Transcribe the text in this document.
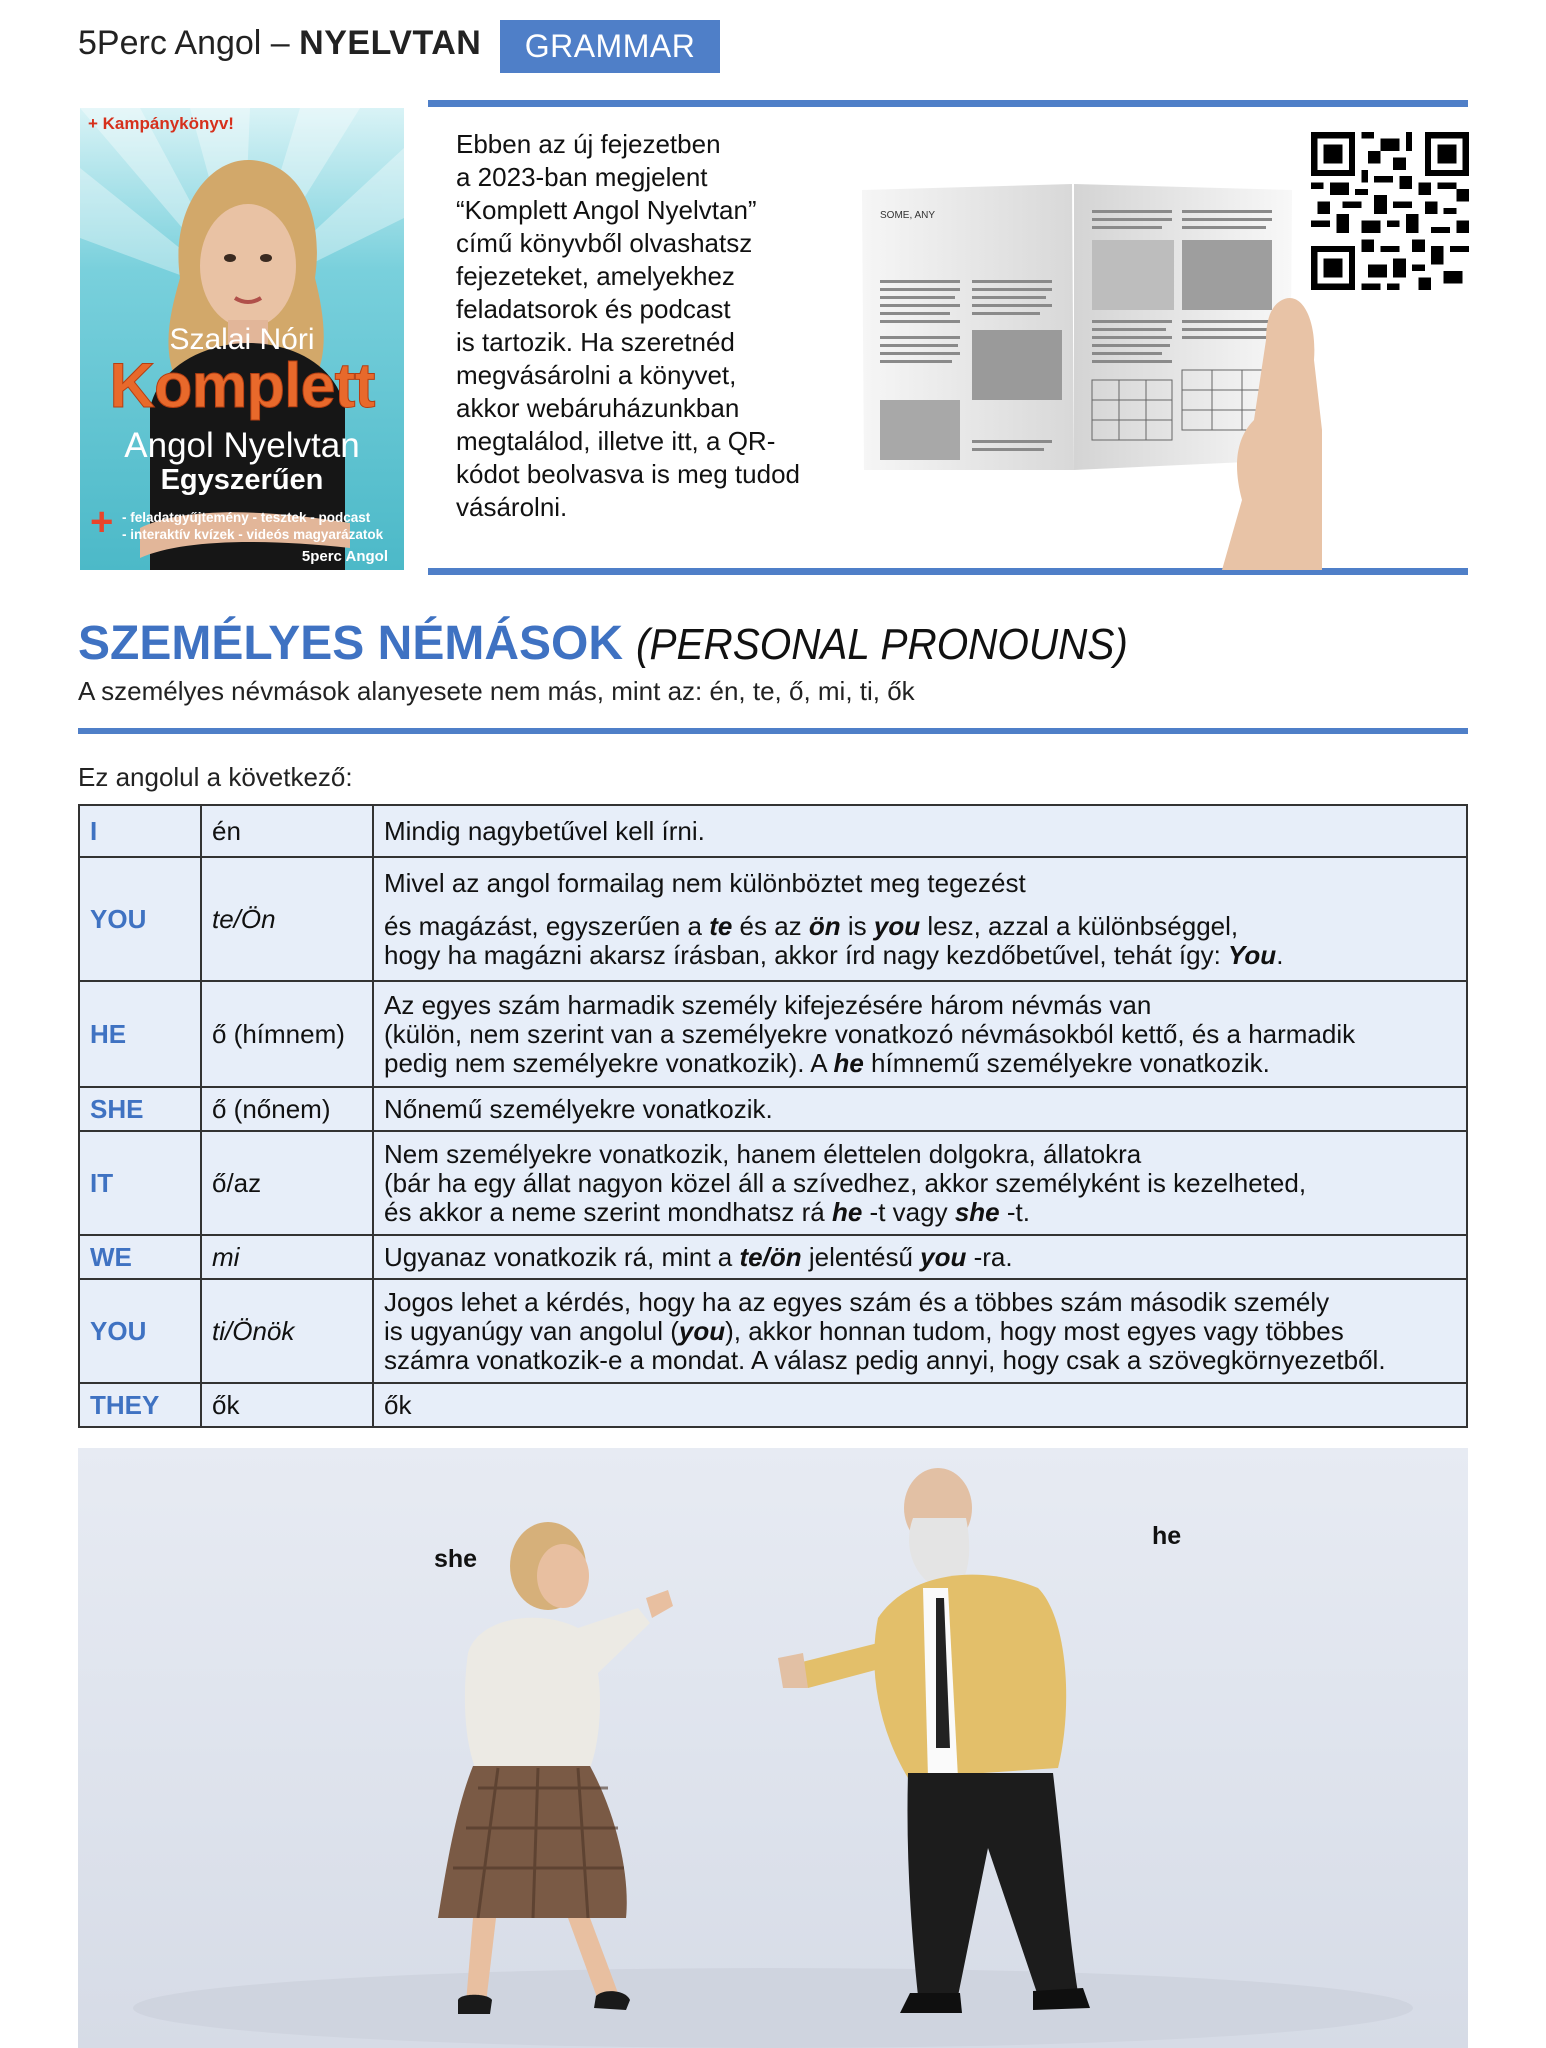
5Perc Angol – NYELVTAN	GRAMMAR
+ Kampánykönyv!
Szalai Nóri
Komplett
Angol Nyelvtan
Egyszerűen
+ - feladatgyűjtemény - tesztek - podcast
- interaktív kvízek - videós magyarázatok
5perc Angol
Ebben az új fejezetben
a 2023-ban megjelent
“Komplett Angol Nyelvtan”
című könyvből olvashatsz
fejezeteket, amelyekhez
feladatsorok és podcast
is tartozik. Ha szeretnéd
megvásárolni a könyvet,
akkor webáruházunkban
megtalálod, illetve itt, a QR-
kódot beolvasva is meg tudod
vásárolni.
SOME, ANY
SZEMÉLYES NÉMÁSOK (PERSONAL PRONOUNS)
A személyes névmások alanyesete nem más, mint az: én, te, ő, mi, ti, ők
Ez angolul a következő:
I	én	Mindig nagybetűvel kell írni.

YOU	te/Ön	Mivel az angol formailag nem különböztet meg tegezést
és magázást, egyszerűen a te és az ön is you lesz, azzal a különbséggel,
hogy ha magázni akarsz írásban, akkor írd nagy kezdőbetűvel, tehát így: You.

HE	ő (hímnem)	Az egyes szám harmadik személy kifejezésére három névmás van
(külön, nem szerint van a személyekre vonatkozó névmásokból kettő, és a harmadik
pedig nem személyekre vonatkozik). A he hímnemű személyekre vonatkozik.

SHE	ő (nőnem)	Nőnemű személyekre vonatkozik.

IT	ő/az	Nem személyekre vonatkozik, hanem élettelen dolgokra, állatokra
(bár ha egy állat nagyon közel áll a szívedhez, akkor személyként is kezelheted,
és akkor a neme szerint mondhatsz rá he -t vagy she -t.

WE	mi	Ugyanaz vonatkozik rá, mint a te/ön jelentésű you -ra.

YOU	ti/Önök	Jogos lehet a kérdés, hogy ha az egyes szám és a többes szám második személy
is ugyanúgy van angolul (you), akkor honnan tudom, hogy most egyes vagy többes
számra vonatkozik-e a mondat. A válasz pedig annyi, hogy csak a szövegkörnyezetből.

THEY	ők	ők
she
he
